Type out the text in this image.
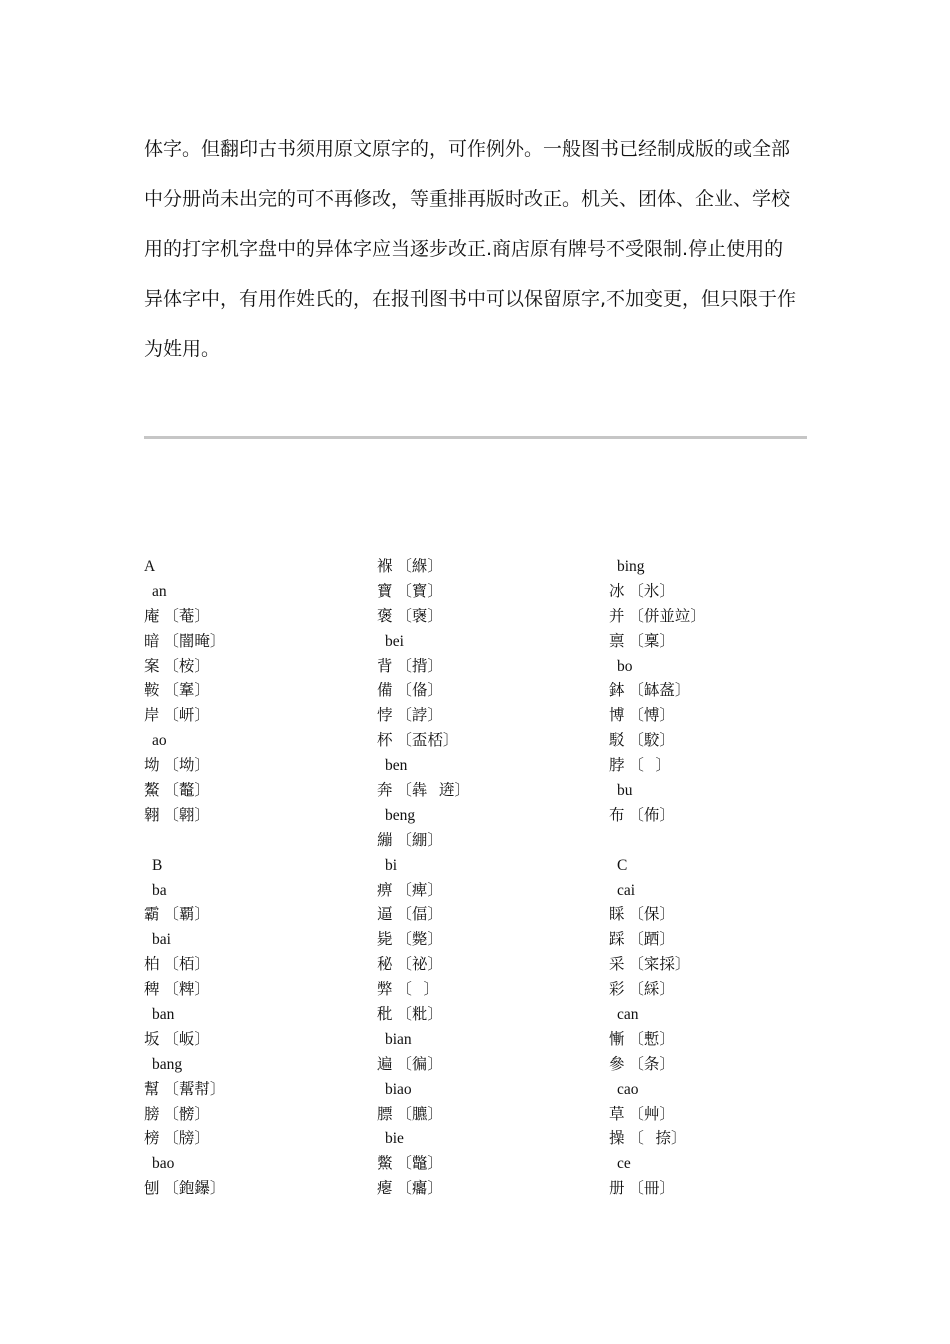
体字。但翻印古书须用原文原字的，可作例外。一般图书已经制成版的或全部
中分册尚未出完的可不再修改，等重排再版时改正。机关、团体、企业、学校
用的打字机字盘中的异体字应当逐步改正.商店原有牌号不受限制.停止使用的
异体字中，有用作姓氏的，在报刊图书中可以保留原字,不加变更，但只限于作
为姓用。
A
an
庵 〔菴〕
暗 〔闇晻〕
案 〔桉〕
鞍 〔鞌〕
岸 〔岍〕
ao
坳 〔坳〕
鰲 〔鼇〕
翱 〔翶〕
B
ba
霸 〔覇〕
bai
柏 〔栢〕
稗 〔粺〕
ban
坂 〔岅〕
bang
幫 〔幚幇〕
膀 〔髈〕
榜 〔牓〕
bao
刨 〔鉋鑤〕
褓 〔緥〕
寶 〔寳〕
褒 〔襃〕
bei
背 〔揹〕
備 〔俻〕
悖 〔誖〕
杯 〔盃桮〕
ben
奔 〔犇   逩〕
beng
繃 〔綳〕
bi
痹 〔痺〕
逼 〔偪〕
毙 〔斃〕
秘 〔祕〕
弊 〔   〕
秕 〔粃〕
bian
遍 〔徧〕
biao
膘 〔臕〕
bie
鱉 〔鼈〕
瘪 〔癟〕
bing
冰 〔氷〕
并 〔併並竝〕
禀 〔稟〕
bo
鉢 〔缽盋〕
博 〔愽〕
駁 〔駮〕
脖 〔   〕
bu
布 〔佈〕
C
cai
睬 〔保〕
踩 〔跴〕
采 〔寀採〕
彩 〔綵〕
can
慚 〔慙〕
參 〔条〕
cao
草 〔艸〕
操 〔   捺〕
ce
册 〔冊〕
